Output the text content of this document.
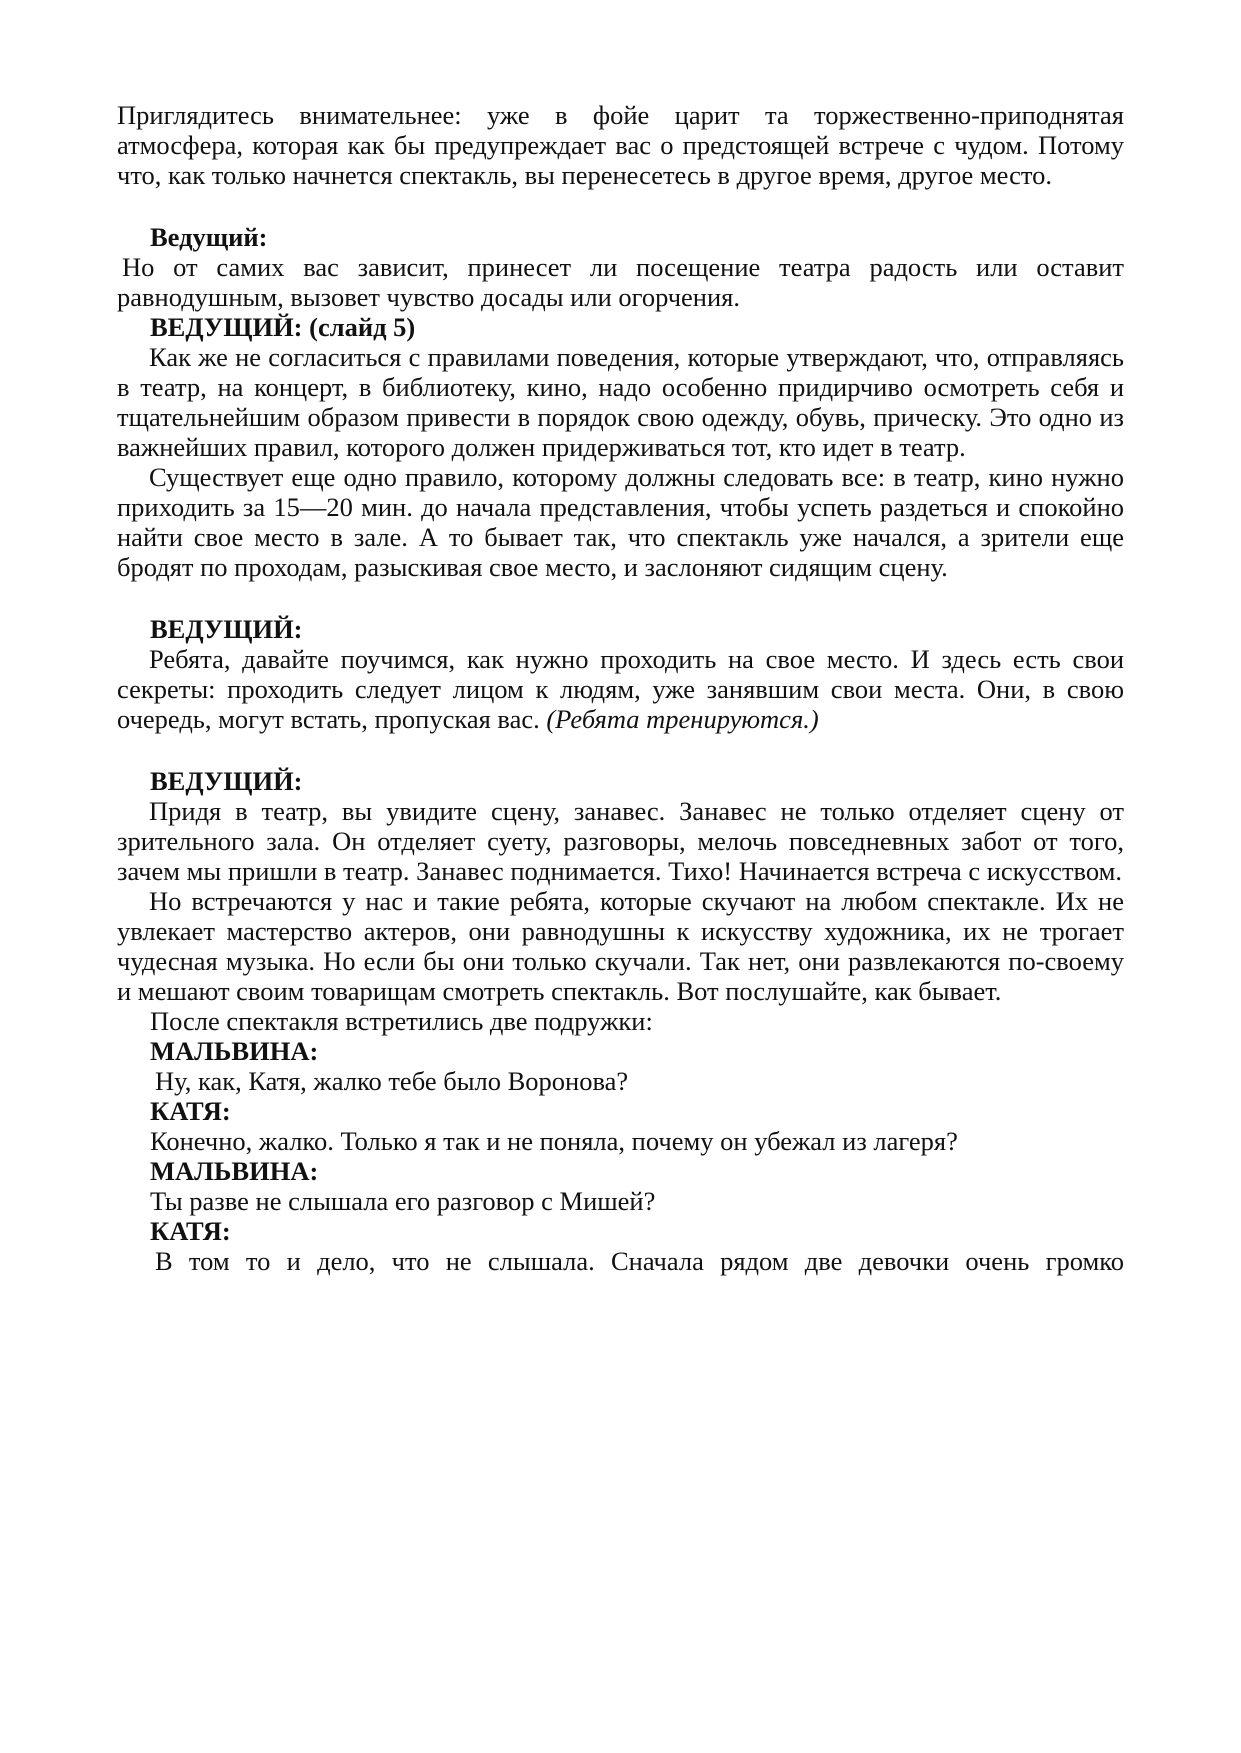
Приглядитесь внимательнее: уже в фойе царит та торжественно-приподнятая атмосфера, которая как бы предупреждает вас о предстоящей встрече с чудом. Потому что, как только начнется спектакль, вы перенесетесь в другое время, другое место.

Ведущий:

Но от самих вас зависит, принесет ли посещение театра радость или оставит равнодушным, вызовет чувство досады или огорчения.

ВЕДУЩИЙ: (слайд 5)

Как же не согласиться с правилами поведения, которые утверждают, что, отправляясь в театр, на концерт, в библиотеку, кино, надо особенно придирчиво осмотреть себя и тщательнейшим образом привести в порядок свою одежду, обувь, прическу. Это одно из важнейших правил, которого должен придерживаться тот, кто идет в театр.

Существует еще одно правило, которому должны следовать все: в театр, кино нужно приходить за 15—20 мин. до начала представления, чтобы успеть раздеться и спокойно найти свое место в зале. А то бывает так, что спектакль уже начался, а зрители еще бродят по проходам, разыскивая свое место, и заслоняют сидящим сцену.

ВЕДУЩИЙ:

Ребята, давайте поучимся, как нужно проходить на свое место. И здесь есть свои секреты: проходить следует лицом к людям, уже занявшим свои места. Они, в свою очередь, могут встать, пропуская вас. (Ребята тренируются.)

ВЕДУЩИЙ:

Придя в театр, вы увидите сцену, занавес. Занавес не только отделяет сцену от зрительного зала. Он отделяет суету, разговоры, мелочь повседневных забот от того, зачем мы пришли в театр. Занавес поднимается. Тихо! Начинается встреча с искусством.

Но встречаются у нас и такие ребята, которые скучают на любом спектакле. Их не увлекает мастерство актеров, они равнодушны к искусству художника, их не трогает чудесная музыка. Но если бы они только скучали. Так нет, они развлекаются по-своему и мешают своим товарищам смотреть спектакль. Вот послушайте, как бывает.

После спектакля встретились две подружки:

МАЛЬВИНА:

Ну, как, Катя, жалко тебе было Воронова?

КАТЯ:

Конечно, жалко. Только я так и не поняла, почему он убежал из лагеря?

МАЛЬВИНА:

Ты разве не слышала его разговор с Мишей?

КАТЯ:

В том то и дело, что не слышала. Сначала рядом две девочки очень громко
